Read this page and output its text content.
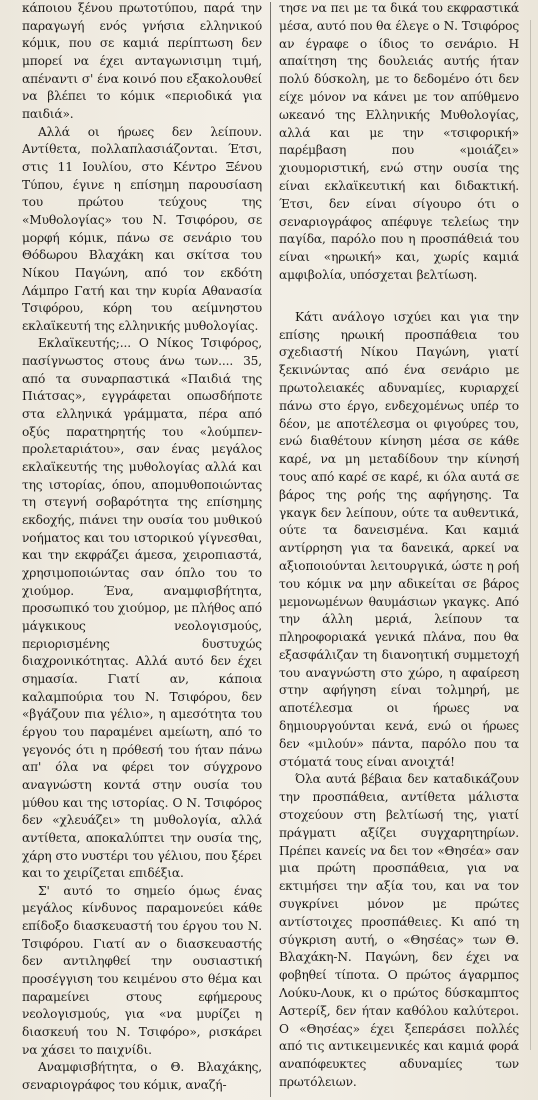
κάποιου ξένου πρωτοτύπου, παρά την παραγωγή ενός γνήσια ελληνικού κόμικ, που σε καμιά περίπτωση δεν μπορεί να έχει ανταγωνισιμη τιμή, απέναντι σ' ένα κοινό που εξακολουθεί να βλέπει το κόμικ «περιοδικά για παιδιά».

Αλλά οι ήρωες δεν λείπουν. Αντίθετα, πολλαπλασιάζονται. Έτσι, στις 11 Ιουλίου, στο Κέντρο Ξένου Τύπου, έγινε η επίσημη παρουσίαση του πρώτου τεύχους της «Μυθολογίας» του Ν. Τσιφόρου, σε μορφή κόμικ, πάνω σε σενάριο του Θόδωρου Βλαχάκη και σκίτσα του Νίκου Παγώνη, από τον εκδότη Λάμπρο Γατή και την κυρία Αθανασία Τσιφόρου, κόρη του αείμνηστου εκλαϊκευτή της ελληνικής μυθολογίας.

Εκλαϊκευτής;... Ο Νίκος Τσιφόρος, πασίγνωστος στους άνω των.... 35, από τα συναρπαστικά «Παιδιά της Πιάτσας», εγγράφεται οπωσδήποτε στα ελληνικά γράμματα, πέρα από οξύς παρατηρητής του «λούμπεν-προλεταριάτου», σαν ένας μεγάλος εκλαϊκευτής της μυθολογίας αλλά και της ιστορίας, όπου, απομυθοποιώντας τη στεγνή σοβαρότητα της επίσημης εκδοχής, πιάνει την ουσία του μυθικού νοήματος και του ιστορικού γίγνεσθαι, και την εκφράζει άμεσα, χειροπιαστά, χρησιμοποιώντας σαν όπλο του το χιούμορ. Ένα, αναμφισβήτητα, προσωπικό του χιούμορ, με πλήθος από μάγκικους νεολογισμούς, περιορισμένης δυστυχώς διαχρονικότητας. Αλλά αυτό δεν έχει σημασία. Γιατί αν, κάποια καλαμπούρια του Ν. Τσιφόρου, δεν «βγάζουν πια γέλιο», η αμεσότητα του έργου του παραμένει αμείωτη, από το γεγονός ότι η πρόθεσή του ήταν πάνω απ' όλα να φέρει τον σύγχρονο αναγνώστη κοντά στην ουσία του μύθου και της ιστορίας. Ο Ν. Τσιφόρος δεν «χλευάζει» τη μυθολογία, αλλά αντίθετα, αποκαλύπτει την ουσία της, χάρη στο νυστέρι του γέλιου, που ξέρει και το χειρίζεται επιδέξια.

Σ' αυτό το σημείο όμως ένας μεγάλος κίνδυνος παραμονεύει κάθε επίδοξο διασκευαστή του έργου του Ν. Τσιφόρου. Γιατί αν ο διασκευαστής δεν αντιληφθεί την ουσιαστική προσέγγιση του κειμένου στο θέμα και παραμείνει στους εφήμερους νεολογισμούς, για «να μυρίζει η διασκευή του Ν. Τσιφόρο», ρισκάρει να χάσει το παιχνίδι.

Αναμφισβήτητα, ο Θ. Βλαχάκης, σεναριογράφος του κόμικ, αναζή-

τησε να πει με τα δικά του εκφραστικά μέσα, αυτό που θα έλεγε ο Ν. Τσιφόρος αν έγραφε ο ίδιος το σενάριο. Η απαίτηση της δουλειάς αυτής ήταν πολύ δύσκολη, με το δεδομένο ότι δεν είχε μόνον να κάνει με τον απύθμενο ωκεανό της Ελληνικής Μυθολογίας, αλλά και με την «τσιφορική» παρέμβαση που «μοιάζει» χιουμοριστική, ενώ στην ουσία της είναι εκλαϊκευτική και διδακτική. Έτσι, δεν είναι σίγουρο ότι ο σεναριογράφος απέφυγε τελείως την παγίδα, παρόλο που η προσπάθειά του είναι «ηρωική» και, χωρίς καμιά αμφιβολία, υπόσχεται βελτίωση.

Κάτι ανάλογο ισχύει και για την επίσης ηρωική προσπάθεια του σχεδιαστή Νίκου Παγώνη, γιατί ξεκινώντας από ένα σενάριο με πρωτολειακές αδυναμίες, κυριαρχεί πάνω στο έργο, ενδεχομένως υπέρ το δέον, με αποτέλεσμα οι φιγούρες του, ενώ διαθέτουν κίνηση μέσα σε κάθε καρέ, να μη μεταδίδουν την κίνησή τους από καρέ σε καρέ, κι όλα αυτά σε βάρος της ροής της αφήγησης. Τα γκαγκ δεν λείπουν, ούτε τα αυθεντικά, ούτε τα δανεισμένα. Και καμιά αντίρρηση για τα δανεικά, αρκεί να αξιοποιούνται λειτουργικά, ώστε η ροή του κόμικ να μην αδικείται σε βάρος μεμονωμένων θαυμάσιων γκαγκς. Από την άλλη μεριά, λείπουν τα πληροφοριακά γενικά πλάνα, που θα εξασφάλιζαν τη διανοητική συμμετοχή του αναγνώστη στο χώρο, η αφαίρεση στην αφήγηση είναι τολμηρή, με αποτέλεσμα οι ήρωες να δημιουργούνται κενά, ενώ οι ήρωες δεν «μιλούν» πάντα, παρόλο που τα στόματά τους είναι ανοιχτά!

Όλα αυτά βέβαια δεν καταδικάζουν την προσπάθεια, αντίθετα μάλιστα στοχεύουν στη βελτίωσή της, γιατί πράγματι αξίζει συγχαρητηρίων. Πρέπει κανείς να δει τον «Θησέα» σαν μια πρώτη προσπάθεια, για να εκτιμήσει την αξία του, και να τον συγκρίνει μόνον με πρώτες αντίστοιχες προσπάθειες. Κι από τη σύγκριση αυτή, ο «Θησέας» των Θ. Βλαχάκη-Ν. Παγώνη, δεν έχει να φοβηθεί τίποτα. Ο πρώτος άγαρμπος Λούκυ-Λουκ, κι ο πρώτος δύσκαμπτος Αστερίξ, δεν ήταν καθόλου καλύτεροι. Ο «Θησέας» έχει ξεπεράσει πολλές από τις αντικειμενικές και καμιά φορά αναπόφευκτες αδυναμίες των πρωτόλειων.
